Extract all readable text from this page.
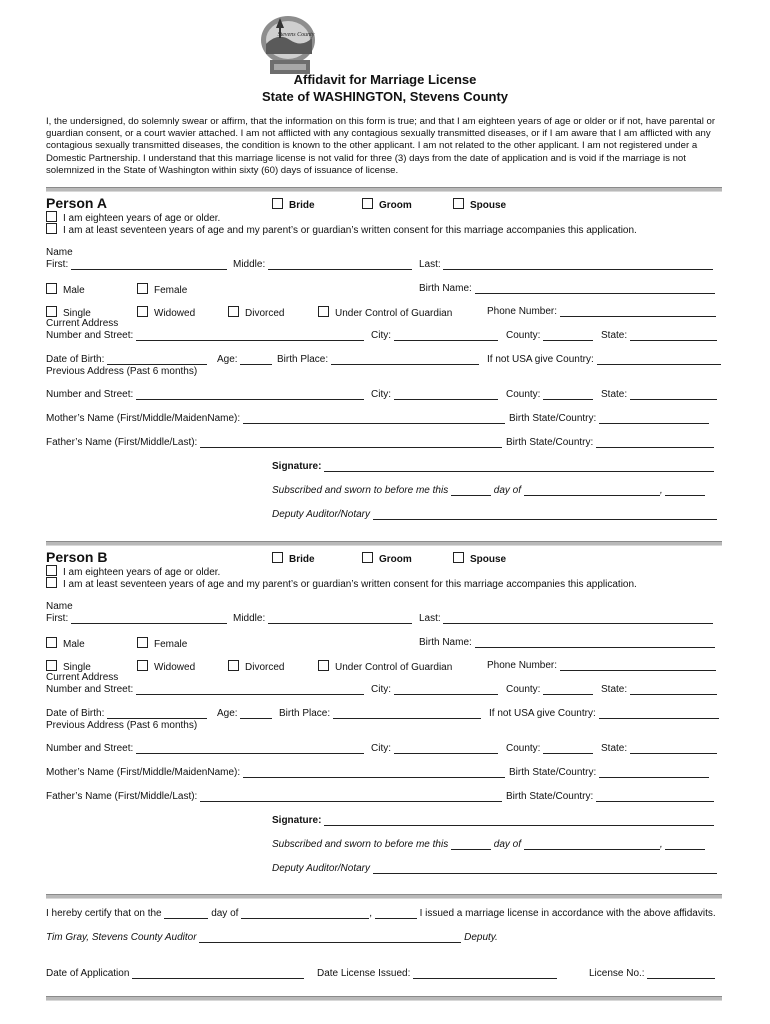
Stevens County
Affidavit for Marriage License
State of WASHINGTON, Stevens County
I, the undersigned, do solemnly swear or affirm, that the information on this form is true; and that I am eighteen years of age or older or if not, have parental or guardian consent, or a court wavier attached. I am not afflicted with any contagious sexually transmitted diseases, or if I am aware that I am afflicted with any contagious sexually transmitted diseases, the condition is known to the other applicant. I am not related to the other applicant. I am not registered under a Domestic Partnership. I understand that this marriage license is not valid for three (3) days from the date of application and is void if the marriage is not solemnized in the State of Washington within sixty (60) days of issuance of license.
Person A	Bride	Groom	Spouse
I am eighteen years of age or older.
I am at least seventeen years of age and my parent’s or guardian’s written consent for this marriage accompanies this application.
Name
First:	Middle:	Last:
Male	Female	Birth Name:
Single	Widowed	Divorced	Under Control of Guardian	Phone Number:
Current Address
Number and Street:	City:	County:	State:
Date of Birth:	Age:	Birth Place:	If not USA give Country:
Previous Address (Past 6 months)
Number and Street:	City:	County:	State:
Mother’s Name (First/Middle/MaidenName):	Birth State/Country:
Father’s Name (First/Middle/Last):	Birth State/Country:
Signature:
Subscribed and sworn to before me this	day of	,
Deputy Auditor/Notary
Person B	Bride	Groom	Spouse
I am eighteen years of age or older.
I am at least seventeen years of age and my parent’s or guardian’s written consent for this marriage accompanies this application.
Name
First:	Middle:	Last:
Male	Female	Birth Name:
Single	Widowed	Divorced	Under Control of Guardian	Phone Number:
Current Address
Number and Street:	City:	County:	State:
Date of Birth:	Age:	Birth Place:	If not USA give Country:
Previous Address (Past 6 months)
Number and Street:	City:	County:	State:
Mother’s Name (First/Middle/MaidenName):	Birth State/Country:
Father’s Name (First/Middle/Last):	Birth State/Country:
Signature:
Subscribed and sworn to before me this	day of	,
Deputy Auditor/Notary
I hereby certify that on the	day of	,	I issued a marriage license in accordance with the above affidavits.
Tim Gray, Stevens County Auditor	Deputy.
Date of Application	Date License Issued:	License No.:
